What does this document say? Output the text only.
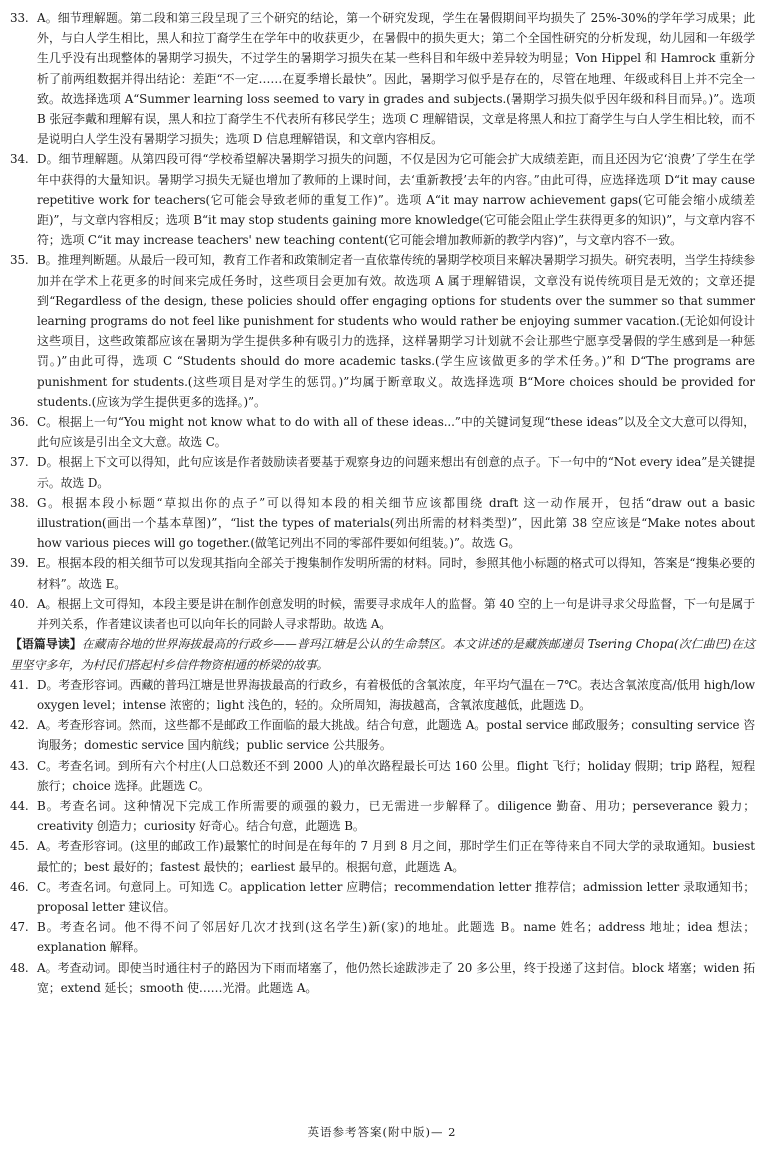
33. A。细节理解题。第二段和第三段呈现了三个研究的结论，第一个研究发现，学生在暑假期间平均损失了 25%-30%的学年学习成果；此外，与白人学生相比，黑人和拉丁裔学生在学年中的收获更少，在暑假中的损失更大；第二个全国性研究的分析发现，幼儿园和一年级学生几乎没有出现整体的暑期学习损失，不过学生的暑期学习损失在某一些科目和年级中差异较为明显；Von Hippel 和 Hamrock 重新分析了前两组数据并得出结论：差距“不一定……在夏季增长最快”。因此，暑期学习似乎是存在的，尽管在地理、年级或科目上并不完全一致。故选择选项 A“Summer learning loss seemed to vary in grades and subjects.(暑期学习损失似乎因年级和科目而异。)”。选项 B 张冠李戴和理解有误，黑人和拉丁裔学生不代表所有移民学生；选项 C 理解错误，文章是将黑人和拉丁裔学生与白人学生相比较，而不是说明白人学生没有暑期学习损失；选项 D 信息理解错误，和文章内容相反。

34. D。细节理解题。从第四段可得“学校希望解决暑期学习损失的问题，不仅是因为它可能会扩大成绩差距，而且还因为它‘浪费’了学生在学年中获得的大量知识。暑期学习损失无疑也增加了教师的上课时间，去‘重新教授’去年的内容。”由此可得，应选择选项 D“it may cause repetitive work for teachers(它可能会导致老师的重复工作)”。选项 A“it may narrow achievement gaps(它可能会缩小成绩差距)”，与文章内容相反；选项 B“it may stop students gaining more knowledge(它可能会阻止学生获得更多的知识)”，与文章内容不符；选项 C“it may increase teachers' new teaching content(它可能会增加教师新的教学内容)”，与文章内容不一致。

35. B。推理判断题。从最后一段可知，教育工作者和政策制定者一直依靠传统的暑期学校项目来解决暑期学习损失。研究表明，当学生持续参加并在学术上花更多的时间来完成任务时，这些项目会更加有效。故选项 A 属于理解错误，文章没有说传统项目是无效的；文章还提到“Regardless of the design, these policies should offer engaging options for students over the summer so that summer learning programs do not feel like punishment for students who would rather be enjoying summer vacation.(无论如何设计这些项目，这些政策都应该在暑期为学生提供多种有吸引力的选择，这样暑期学习计划就不会让那些宁愿享受暑假的学生感到是一种惩罚。)”由此可得，选项 C “Students should do more academic tasks.(学生应该做更多的学术任务。)”和 D“The programs are punishment for students.(这些项目是对学生的惩罚。)”均属于断章取义。故选择选项 B“More choices should be provided for students.(应该为学生提供更多的选择。)”。

36. C。根据上一句“You might not know what to do with all of these ideas...”中的关键词复现“these ideas”以及全文大意可以得知，此句应该是引出全文大意。故选 C。

37. D。根据上下文可以得知，此句应该是作者鼓励读者要基于观察身边的问题来想出有创意的点子。下一句中的“Not every idea”是关键提示。故选 D。

38. G。根据本段小标题“草拟出你的点子”可以得知本段的相关细节应该都围绕 draft 这一动作展开，包括“draw out a basic illustration(画出一个基本草图)”，“list the types of materials(列出所需的材料类型)”，因此第 38 空应该是“Make notes about how various pieces will go together.(做笔记列出不同的零部件要如何组装。)”。故选 G。

39. E。根据本段的相关细节可以发现其指向全部关于搜集制作发明所需的材料。同时，参照其他小标题的格式可以得知，答案是“搜集必要的材料”。故选 E。

40. A。根据上文可得知，本段主要是讲在制作创意发明的时候，需要寻求成年人的监督。第 40 空的上一句是讲寻求父母监督，下一句是属于并列关系，作者建议读者也可以向年长的同龄人寻求帮助。故选 A。

【语篇导读】在藏南谷地的世界海拔最高的行政乡——普玛江塘是公认的生命禁区。本文讲述的是藏族邮递员 Tsering Chopa(次仁曲巴)在这里坚守多年，为村民们搭起村乡信件物资相通的桥梁的故事。

41. D。考查形容词。西藏的普玛江塘是世界海拔最高的行政乡，有着极低的含氧浓度，年平均气温在－7℃。表达含氧浓度高/低用 high/low oxygen level；intense 浓密的；light 浅色的，轻的。众所周知，海拔越高，含氧浓度越低，此题选 D。

42. A。考查形容词。然而，这些都不是邮政工作面临的最大挑战。结合句意，此题选 A。postal service 邮政服务；consulting service 咨询服务；domestic service 国内航线；public service 公共服务。

43. C。考查名词。到所有六个村庄(人口总数还不到 2000 人)的单次路程最长可达 160 公里。flight 飞行；holiday 假期；trip 路程，短程旅行；choice 选择。此题选 C。

44. B。考查名词。这种情况下完成工作所需要的顽强的毅力，已无需进一步解释了。diligence 勤奋、用功；perseverance 毅力；creativity 创造力；curiosity 好奇心。结合句意，此题选 B。

45. A。考查形容词。(这里的邮政工作)最繁忙的时间是在每年的 7 月到 8 月之间，那时学生们正在等待来自不同大学的录取通知。busiest 最忙的；best 最好的；fastest 最快的；earliest 最早的。根据句意，此题选 A。

46. C。考查名词。句意同上。可知选 C。application letter 应聘信；recommendation letter 推荐信；admission letter 录取通知书；proposal letter 建议信。

47. B。考查名词。他不得不问了邻居好几次才找到(这名学生)新(家)的地址。此题选 B。name 姓名；address 地址；idea 想法；explanation 解释。

48. A。考查动词。即使当时通往村子的路因为下雨而堵塞了，他仍然长途跋涉走了 20 多公里，终于投递了这封信。block 堵塞；widen 拓宽；extend 延长；smooth 使……光滑。此题选 A。

英语参考答案(附中版)— 2
